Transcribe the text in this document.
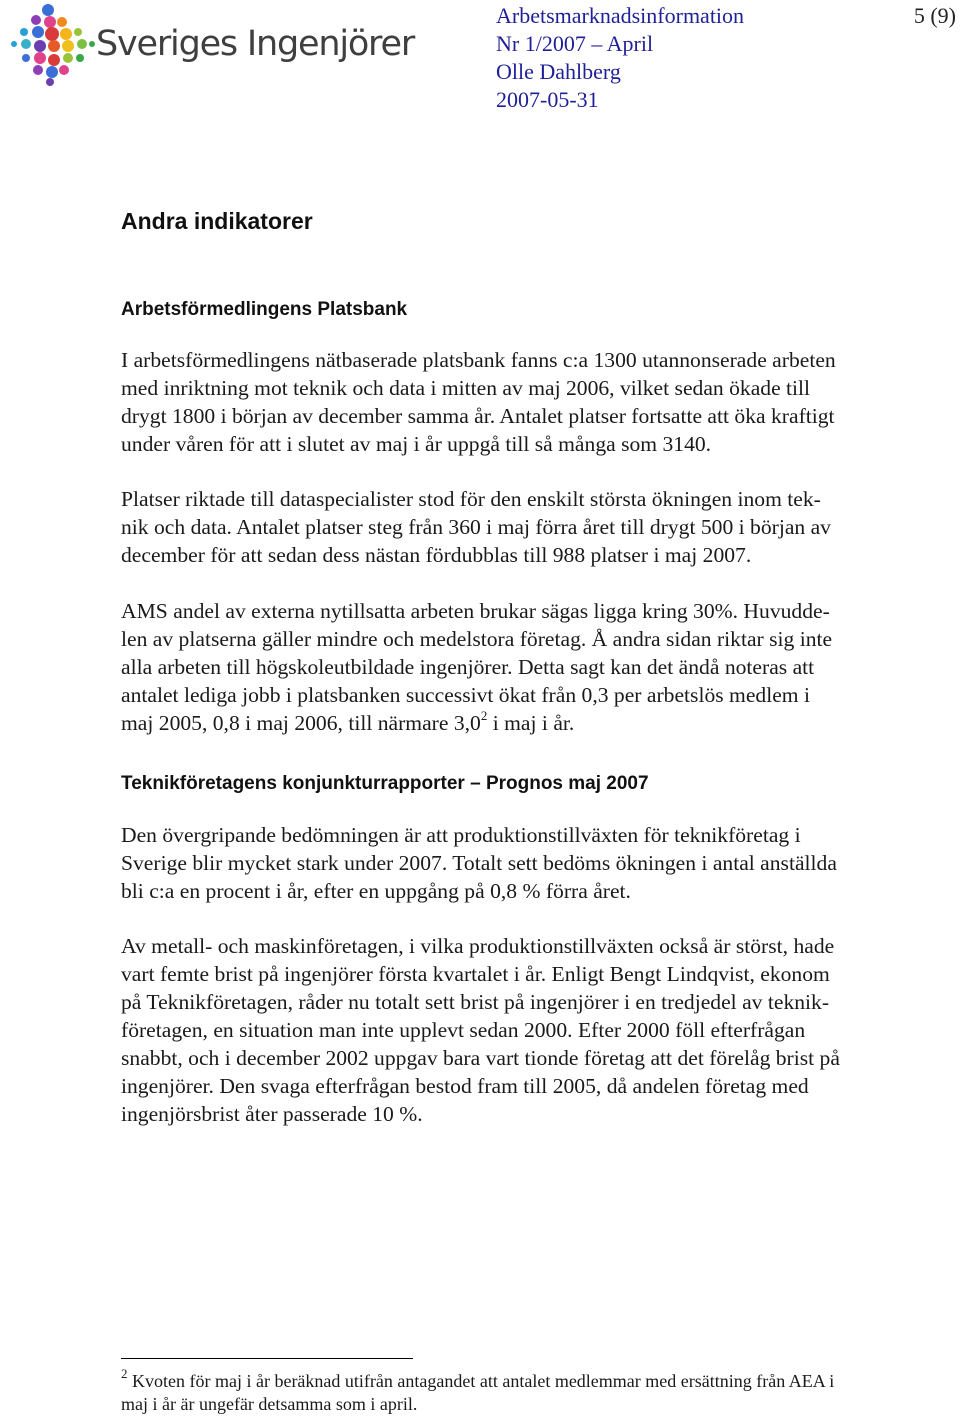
Sveriges Ingenjörer
Arbetsmarknadsinformation
Nr 1/2007 – April
Olle Dahlberg
2007-05-31
5 (9)
Andra indikatorer
Arbetsförmedlingens Platsbank

I arbetsförmedlingens nätbaserade platsbank fanns c:a 1300 utannonserade arbeten
med inriktning mot teknik och data i mitten av maj 2006, vilket sedan ökade till
drygt 1800 i början av december samma år. Antalet platser fortsatte att öka kraftigt
under våren för att i slutet av maj i år uppgå till så många som 3140.

Platser riktade till dataspecialister stod för den enskilt största ökningen inom tek-
nik och data. Antalet platser steg från 360 i maj förra året till drygt 500 i början av
december för att sedan dess nästan fördubblas till 988 platser i maj 2007.

AMS andel av externa nytillsatta arbeten brukar sägas ligga kring 30%. Huvudde-
len av platserna gäller mindre och medelstora företag. Å andra sidan riktar sig inte
alla arbeten till högskoleutbildade ingenjörer. Detta sagt kan det ändå noteras att
antalet lediga jobb i platsbanken successivt ökat från 0,3 per arbetslös medlem i
maj 2005, 0,8 i maj 2006, till närmare $3,0^2$ i maj i år.

Teknikföretagens konjunkturrapporter – Prognos maj 2007

Den övergripande bedömningen är att produktionstillväxten för teknikföretag i
Sverige blir mycket stark under 2007. Totalt sett bedöms ökningen i antal anställda
bli c:a en procent i år, efter en uppgång på 0,8 % förra året.

Av metall- och maskinföretagen, i vilka produktionstillväxten också är störst, hade
vart femte brist på ingenjörer första kvartalet i år. Enligt Bengt Lindqvist, ekonom
på Teknikföretagen, råder nu totalt sett brist på ingenjörer i en tredjedel av teknik-
företagen, en situation man inte upplevt sedan 2000. Efter 2000 föll efterfrågan
snabbt, och i december 2002 uppgav bara vart tionde företag att det förelåg brist på
ingenjörer. Den svaga efterfrågan bestod fram till 2005, då andelen företag med
ingenjörsbrist åter passerade 10 %.

$^2$ Kvoten för maj i år beräknad utifrån antagandet att antalet medlemmar med ersättning från AEA i
maj i år är ungefär detsamma som i april.
